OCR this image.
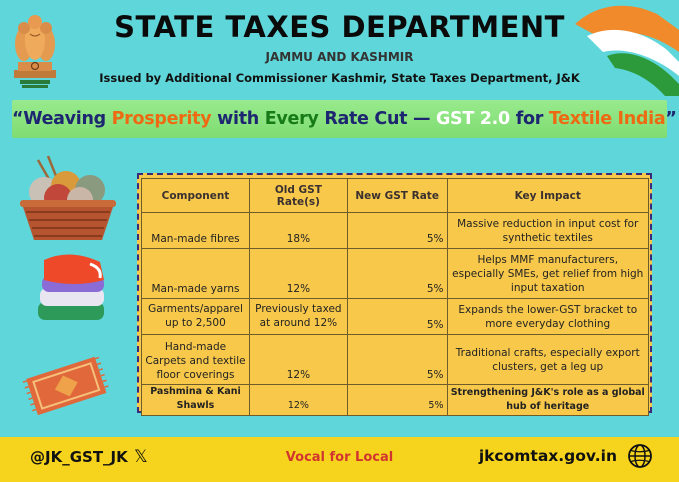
STATE TAXES DEPARTMENT
JAMMU AND KASHMIR
Issued by Additional Commissioner Kashmir, State Taxes Department, J&K
“Weaving Prosperity with Every Rate Cut — GST 2.0 for Textile India”
Component	Old GST Rate(s)	New GST Rate	Key Impact
Man-made fibres	18%	5%	Massive reduction in input cost for synthetic textiles
Man-made yarns	12%	5%	Helps MMF manufacturers, especially SMEs, get relief from high input taxation
Garments/apparel up to 2,500	Previously taxed at around 12%	5%	Expands the lower-GST bracket to more everyday clothing
Hand-made Carpets and textile floor coverings	12%	5%	Traditional crafts, especially export clusters, get a leg up
Pashmina & Kani Shawls	12%	5%	Strengthening J&K's role as a global hub of heritage
@JK_GST_JK 𝕏	Vocal for Local	jkcomtax.gov.in
